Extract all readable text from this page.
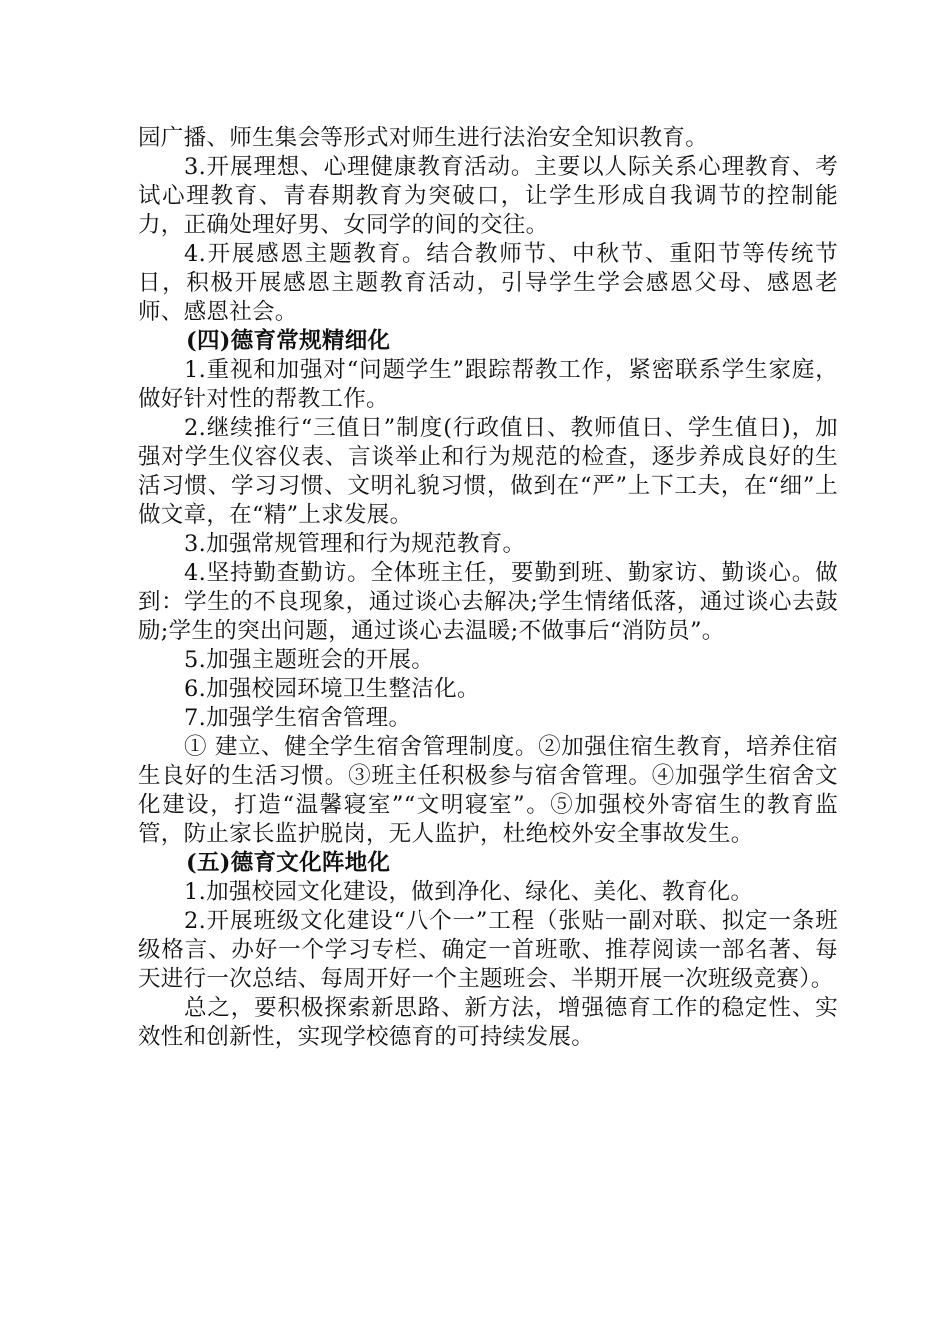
园广播、师生集会等形式对师生进行法治安全知识教育。

3.开展理想、心理健康教育活动。主要以人际关系心理教育、考试心理教育、青春期教育为突破口，让学生形成自我调节的控制能力，正确处理好男、女同学的间的交往。

4.开展感恩主题教育。结合教师节、中秋节、重阳节等传统节日，积极开展感恩主题教育活动，引导学生学会感恩父母、感恩老师、感恩社会。

(四)德育常规精细化

1.重视和加强对“问题学生”跟踪帮教工作，紧密联系学生家庭，做好针对性的帮教工作。

2.继续推行“三值日”制度(行政值日、教师值日、学生值日)，加强对学生仪容仪表、言谈举止和行为规范的检查，逐步养成良好的生活习惯、学习习惯、文明礼貌习惯，做到在“严”上下工夫，在“细”上做文章，在“精”上求发展。

3.加强常规管理和行为规范教育。

4.坚持勤查勤访。全体班主任，要勤到班、勤家访、勤谈心。做到：学生的不良现象，通过谈心去解决;学生情绪低落，通过谈心去鼓励;学生的突出问题，通过谈心去温暖;不做事后“消防员”。

5.加强主题班会的开展。

6.加强校园环境卫生整洁化。

7.加强学生宿舍管理。

① 建立、健全学生宿舍管理制度。②加强住宿生教育，培养住宿生良好的生活习惯。③班主任积极参与宿舍管理。④加强学生宿舍文化建设，打造“温馨寝室”“文明寝室”。⑤加强校外寄宿生的教育监管，防止家长监护脱岗，无人监护，杜绝校外安全事故发生。

(五)德育文化阵地化

1.加强校园文化建设，做到净化、绿化、美化、教育化。

2.开展班级文化建设“八个一”工程（张贴一副对联、拟定一条班级格言、办好一个学习专栏、确定一首班歌、推荐阅读一部名著、每天进行一次总结、每周开好一个主题班会、半期开展一次班级竞赛）。

总之，要积极探索新思路、新方法，增强德育工作的稳定性、实效性和创新性，实现学校德育的可持续发展。
